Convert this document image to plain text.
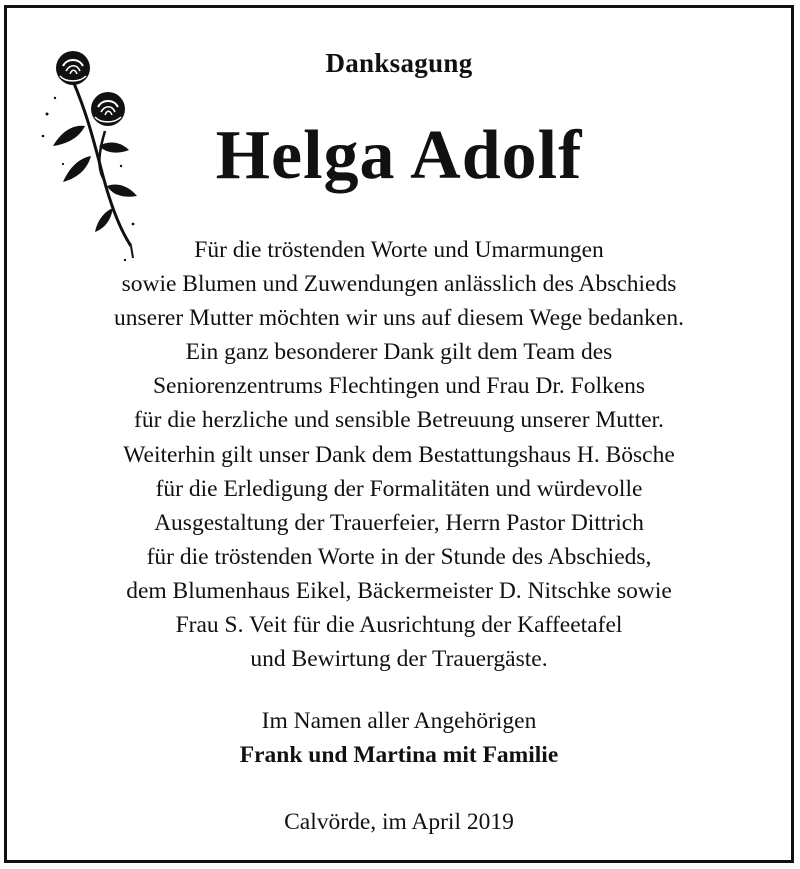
Danksagung
Helga Adolf
Für die tröstenden Worte und Umarmungen
sowie Blumen und Zuwendungen anlässlich des Abschieds
unserer Mutter möchten wir uns auf diesem Wege bedanken.
Ein ganz besonderer Dank gilt dem Team des
Seniorenzentrums Flechtingen und Frau Dr. Folkens
für die herzliche und sensible Betreuung unserer Mutter.
Weiterhin gilt unser Dank dem Bestattungshaus H. Bösche
für die Erledigung der Formalitäten und würdevolle
Ausgestaltung der Trauerfeier, Herrn Pastor Dittrich
für die tröstenden Worte in der Stunde des Abschieds,
dem Blumenhaus Eikel, Bäckermeister D. Nitschke sowie
Frau S. Veit für die Ausrichtung der Kaffeetafel
und Bewirtung der Trauergäste.
Im Namen aller Angehörigen
Frank und Martina mit Familie
Calvörde, im April 2019
